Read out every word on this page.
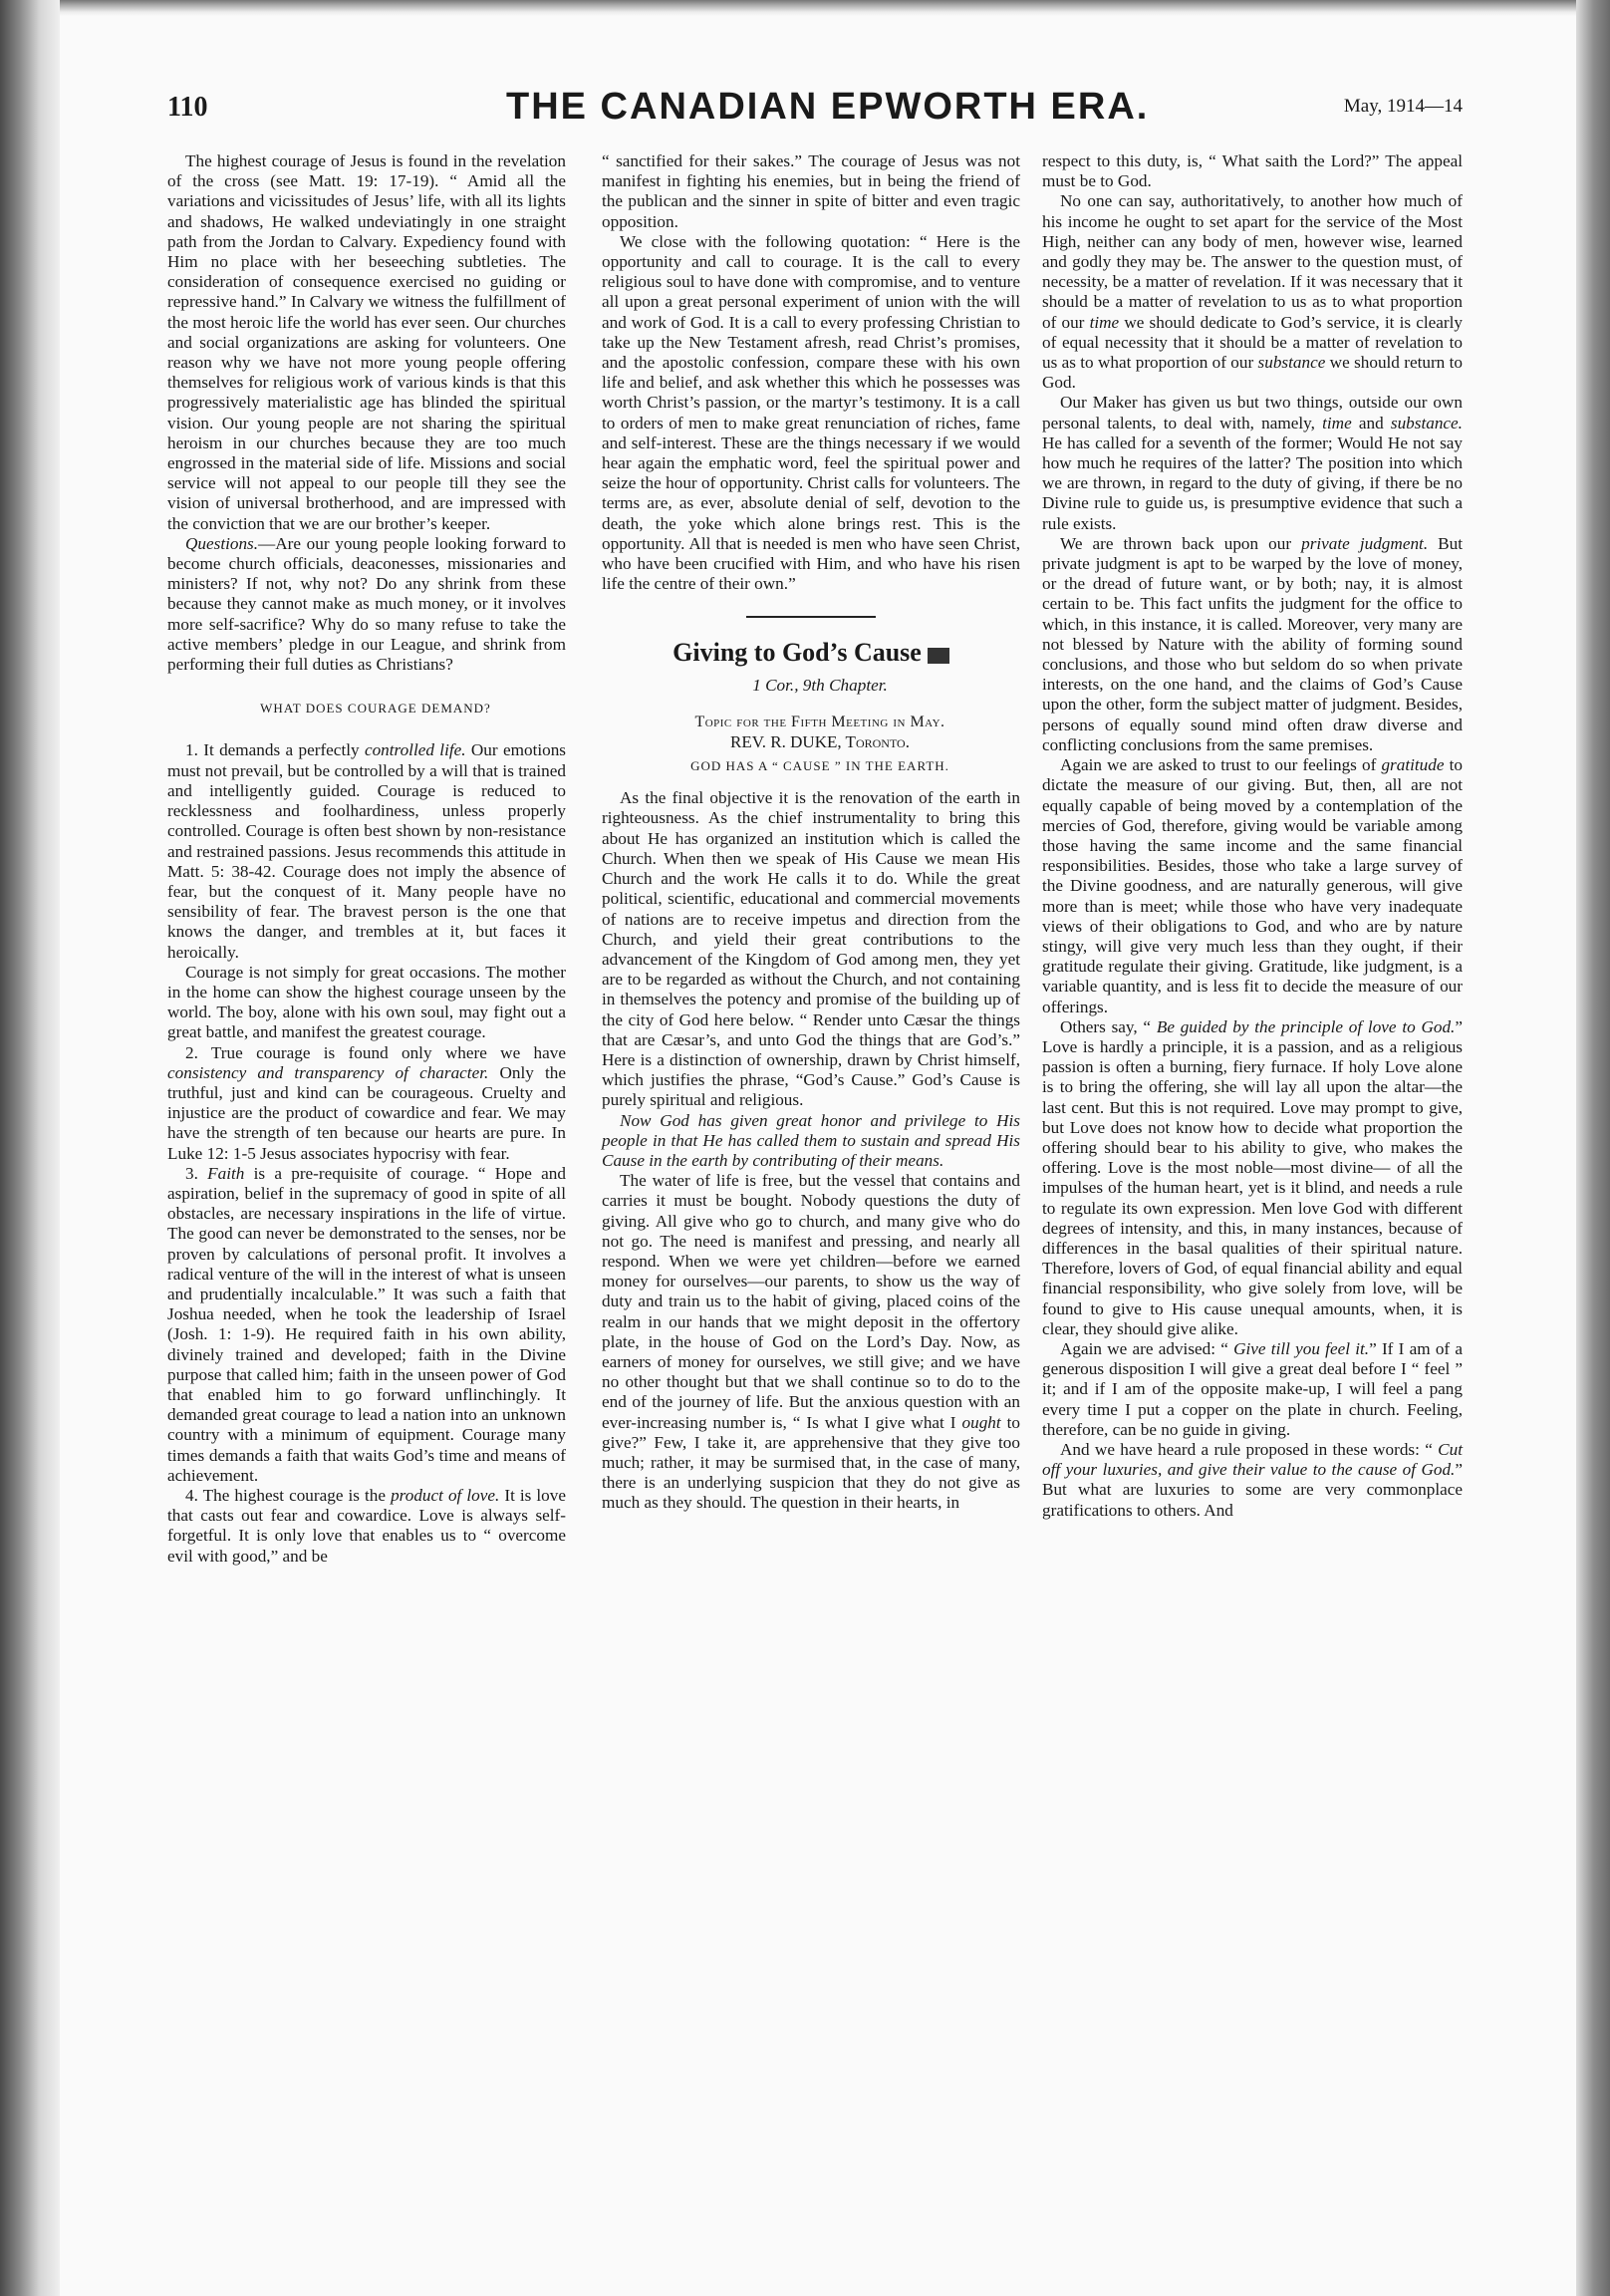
110	THE CANADIAN EPWORTH ERA.	May, 1914—14

The highest courage of Jesus is found in the revelation of the cross (see Matt. 19: 17-19). “ Amid all the variations and vicissitudes of Jesus’ life, with all its lights and shadows, He walked undeviatingly in one straight path from the Jordan to Calvary. Expediency found with Him no place with her beseeching subtleties. The consideration of consequence exercised no guiding or repressive hand.” In Calvary we witness the fulfillment of the most heroic life the world has ever seen. Our churches and social organizations are asking for volunteers. One reason why we have not more young people offering themselves for religious work of various kinds is that this progressively materialistic age has blinded the spiritual vision. Our young people are not sharing the spiritual heroism in our churches because they are too much engrossed in the material side of life. Missions and social service will not appeal to our people till they see the vision of universal brotherhood, and are impressed with the conviction that we are our brother’s keeper.

Questions.—Are our young people looking forward to become church officials, deaconesses, missionaries and ministers? If not, why not? Do any shrink from these because they cannot make as much money, or it involves more self-sacrifice? Why do so many refuse to take the active members’ pledge in our League, and shrink from performing their full duties as Christians?

WHAT DOES COURAGE DEMAND?

1. It demands a perfectly controlled life. Our emotions must not prevail, but be controlled by a will that is trained and intelligently guided. Courage is reduced to recklessness and foolhardiness, unless properly controlled. Courage is often best shown by non-resistance and restrained passions. Jesus recommends this attitude in Matt. 5: 38-42. Courage does not imply the absence of fear, but the conquest of it. Many people have no sensibility of fear. The bravest person is the one that knows the danger, and trembles at it, but faces it heroically.

Courage is not simply for great occasions. The mother in the home can show the highest courage unseen by the world. The boy, alone with his own soul, may fight out a great battle, and manifest the greatest courage.

2. True courage is found only where we have consistency and transparency of character. Only the truthful, just and kind can be courageous. Cruelty and injustice are the product of cowardice and fear. We may have the strength of ten because our hearts are pure. In Luke 12: 1-5 Jesus associates hypocrisy with fear.

3. Faith is a pre-requisite of courage. “ Hope and aspiration, belief in the supremacy of good in spite of all obstacles, are necessary inspirations in the life of virtue. The good can never be demonstrated to the senses, nor be proven by calculations of personal profit. It involves a radical venture of the will in the interest of what is unseen and prudentially incalculable.” It was such a faith that Joshua needed, when he took the leadership of Israel (Josh. 1: 1-9). He required faith in his own ability, divinely trained and developed; faith in the Divine purpose that called him; faith in the unseen power of God that enabled him to go forward unflinchingly. It demanded great courage to lead a nation into an unknown country with a minimum of equipment. Courage many times demands a faith that waits God’s time and means of achievement.

4. The highest courage is the product of love. It is love that casts out fear and cowardice. Love is always self-forgetful. It is only love that enables us to “ overcome evil with good,” and be

“ sanctified for their sakes.” The courage of Jesus was not manifest in fighting his enemies, but in being the friend of the publican and the sinner in spite of bitter and even tragic opposition.

We close with the following quotation: “ Here is the opportunity and call to courage. It is the call to every religious soul to have done with compromise, and to venture all upon a great personal experiment of union with the will and work of God. It is a call to every professing Christian to take up the New Testament afresh, read Christ’s promises, and the apostolic confession, compare these with his own life and belief, and ask whether this which he possesses was worth Christ’s passion, or the martyr’s testimony. It is a call to orders of men to make great renunciation of riches, fame and self-interest. These are the things necessary if we would hear again the emphatic word, feel the spiritual power and seize the hour of opportunity. Christ calls for volunteers. The terms are, as ever, absolute denial of self, devotion to the death, the yoke which alone brings rest. This is the opportunity. All that is needed is men who have seen Christ, who have been crucified with Him, and who have his risen life the centre of their own.”

Giving to God’s Cause

1 Cor., 9th Chapter.

Topic for the Fifth Meeting in May.

REV. R. DUKE, Toronto.

GOD HAS A “ CAUSE ” IN THE EARTH.

As the final objective it is the renovation of the earth in righteousness. As the chief instrumentality to bring this about He has organized an institution which is called the Church. When then we speak of His Cause we mean His Church and the work He calls it to do. While the great political, scientific, educational and commercial movements of nations are to receive impetus and direction from the Church, and yield their great contributions to the advancement of the Kingdom of God among men, they yet are to be regarded as without the Church, and not containing in themselves the potency and promise of the building up of the city of God here below. “ Render unto Cæsar the things that are Cæsar’s, and unto God the things that are God’s.” Here is a distinction of ownership, drawn by Christ himself, which justifies the phrase, “God’s Cause.” God’s Cause is purely spiritual and religious.

Now God has given great honor and privilege to His people in that He has called them to sustain and spread His Cause in the earth by contributing of their means.

The water of life is free, but the vessel that contains and carries it must be bought. Nobody questions the duty of giving. All give who go to church, and many give who do not go. The need is manifest and pressing, and nearly all respond. When we were yet children—before we earned money for ourselves—our parents, to show us the way of duty and train us to the habit of giving, placed coins of the realm in our hands that we might deposit in the offertory plate, in the house of God on the Lord’s Day. Now, as earners of money for ourselves, we still give; and we have no other thought but that we shall continue so to do to the end of the journey of life. But the anxious question with an ever-increasing number is, “ Is what I give what I ought to give?” Few, I take it, are apprehensive that they give too much; rather, it may be surmised that, in the case of many, there is an underlying suspicion that they do not give as much as they should. The question in their hearts, in

respect to this duty, is, “ What saith the Lord?” The appeal must be to God.

No one can say, authoritatively, to another how much of his income he ought to set apart for the service of the Most High, neither can any body of men, however wise, learned and godly they may be. The answer to the question must, of necessity, be a matter of revelation. If it was necessary that it should be a matter of revelation to us as to what proportion of our time we should dedicate to God’s service, it is clearly of equal necessity that it should be a matter of revelation to us as to what proportion of our substance we should return to God.

Our Maker has given us but two things, outside our own personal talents, to deal with, namely, time and substance. He has called for a seventh of the former; Would He not say how much he requires of the latter? The position into which we are thrown, in regard to the duty of giving, if there be no Divine rule to guide us, is presumptive evidence that such a rule exists.

We are thrown back upon our private judgment. But private judgment is apt to be warped by the love of money, or the dread of future want, or by both; nay, it is almost certain to be. This fact unfits the judgment for the office to which, in this instance, it is called. Moreover, very many are not blessed by Nature with the ability of forming sound conclusions, and those who but seldom do so when private interests, on the one hand, and the claims of God’s Cause upon the other, form the subject matter of judgment. Besides, persons of equally sound mind often draw diverse and conflicting conclusions from the same premises.

Again we are asked to trust to our feelings of gratitude to dictate the measure of our giving. But, then, all are not equally capable of being moved by a contemplation of the mercies of God, therefore, giving would be variable among those having the same income and the same financial responsibilities. Besides, those who take a large survey of the Divine goodness, and are naturally generous, will give more than is meet; while those who have very inadequate views of their obligations to God, and who are by nature stingy, will give very much less than they ought, if their gratitude regulate their giving. Gratitude, like judgment, is a variable quantity, and is less fit to decide the measure of our offerings.

Others say, “ Be guided by the principle of love to God.” Love is hardly a principle, it is a passion, and as a religious passion is often a burning, fiery furnace. If holy Love alone is to bring the offering, she will lay all upon the altar—the last cent. But this is not required. Love may prompt to give, but Love does not know how to decide what proportion the offering should bear to his ability to give, who makes the offering. Love is the most noble—most divine— of all the impulses of the human heart, yet is it blind, and needs a rule to regulate its own expression. Men love God with different degrees of intensity, and this, in many instances, because of differences in the basal qualities of their spiritual nature. Therefore, lovers of God, of equal financial ability and equal financial responsibility, who give solely from love, will be found to give to His cause unequal amounts, when, it is clear, they should give alike.

Again we are advised: “ Give till you feel it.” If I am of a generous disposition I will give a great deal before I “ feel ” it; and if I am of the opposite make-up, I will feel a pang every time I put a copper on the plate in church. Feeling, therefore, can be no guide in giving.

And we have heard a rule proposed in these words: “ Cut off your luxuries, and give their value to the cause of God.” But what are luxuries to some are very commonplace gratifications to others. And
